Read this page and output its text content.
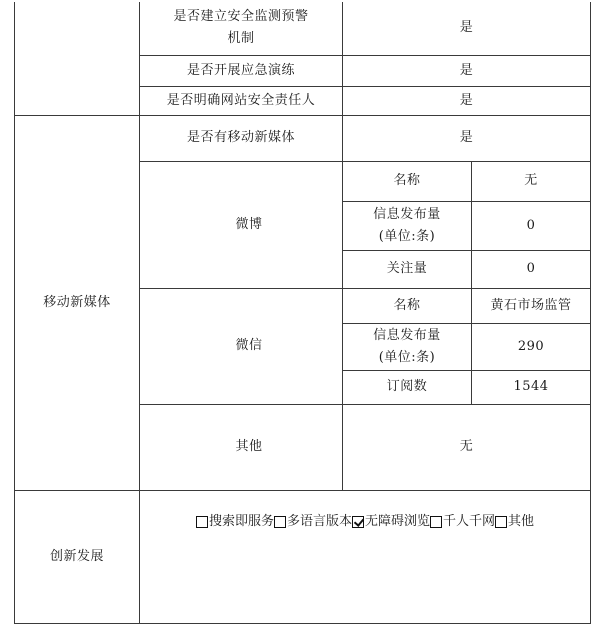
	是否建立安全监测预警
机制	是	
	是否开展应急演练	是	
	是否明确网站安全责任人	是	
移动新媒体	是否有移动新媒体	是	
	微博	名称	无
		信息发布量
(单位:条)	0
		关注量	0
	微信	名称	黄石市场监管
		信息发布量
(单位:条)	290
		订阅数	1544
	其他	无	
创新发展	搜索即服务 多语言版本 无障碍浏览 千人千网 其他		
